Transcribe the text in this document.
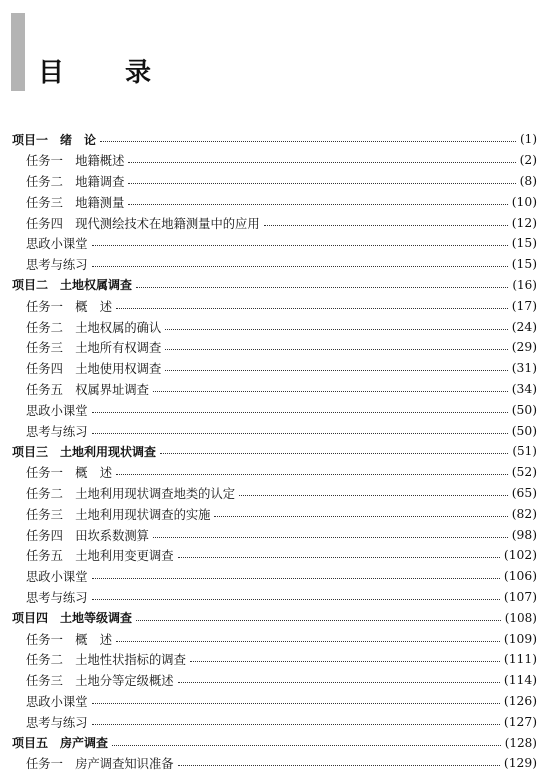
目 录
项目一　绪　论	(1)
任务一　地籍概述	(2)
任务二　地籍调查	(8)
任务三　地籍测量	(10)
任务四　现代测绘技术在地籍测量中的应用	(12)
思政小课堂	(15)
思考与练习	(15)
项目二　土地权属调查	(16)
任务一　概　述	(17)
任务二　土地权属的确认	(24)
任务三　土地所有权调查	(29)
任务四　土地使用权调查	(31)
任务五　权属界址调查	(34)
思政小课堂	(50)
思考与练习	(50)
项目三　土地利用现状调查	(51)
任务一　概　述	(52)
任务二　土地利用现状调查地类的认定	(65)
任务三　土地利用现状调查的实施	(82)
任务四　田坎系数测算	(98)
任务五　土地利用变更调查	(102)
思政小课堂	(106)
思考与练习	(107)
项目四　土地等级调查	(108)
任务一　概　述	(109)
任务二　土地性状指标的调查	(111)
任务三　土地分等定级概述	(114)
思政小课堂	(126)
思考与练习	(127)
项目五　房产调查	(128)
任务一　房产调查知识准备	(129)
